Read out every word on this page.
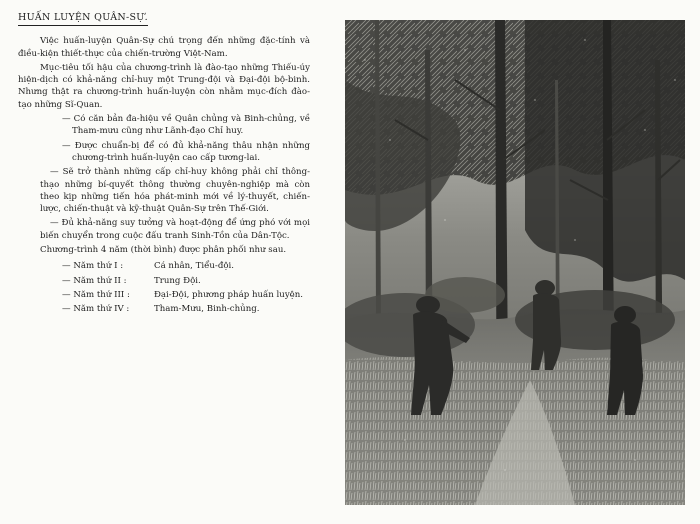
HUẤN LUYỆN QUÂN-SỰ.

Việc huấn-luyện Quân-Sự chú trọng đến những đặc-tính và điều-kiện thiết-thực của chiến-trường Việt-Nam.

Mục-tiêu tối hậu của chương-trình là đào-tạo những Thiếu-úy hiện-dịch có khả-năng chỉ-huy một Trung-đội và Đại-đội bộ-binh. Nhưng thật ra chương-trình huấn-luyện còn nhằm mục-đích đào-tạo những Sĩ-Quan.

— Có căn bản đa-hiệu về Quân chủng và Binh-chủng, về Tham-mưu cũng như Lãnh-đạo Chỉ huy.

— Được chuẩn-bị để có đủ khả-năng thâu nhận những chương-trình huấn-luyện cao cấp tương-lai.

— Sẽ trở thành những cấp chỉ-huy không phải chỉ thông-thạo những bí-quyết thông thường chuyên-nghiệp mà còn theo kịp những tiến hóa phát-minh mới về lý-thuyết, chiến-lược, chiến-thuật và kỹ-thuật Quân-Sự trên Thế-Giới.

— Đủ khả-năng suy tưởng và hoạt-động để ứng phó với mọi biến chuyển trong cuộc đấu tranh Sinh-Tồn của Dân-Tộc.

Chương-trình 4 năm (thời bình) được phân phối như sau.

— Năm thứ I :	Cá nhân, Tiểu-đội.
— Năm thứ II :	Trung Đội.
— Năm thứ III :	Đại-Đội, phương pháp huấn luyện.
— Năm thứ IV :	Tham-Mưu, Binh-chủng.
